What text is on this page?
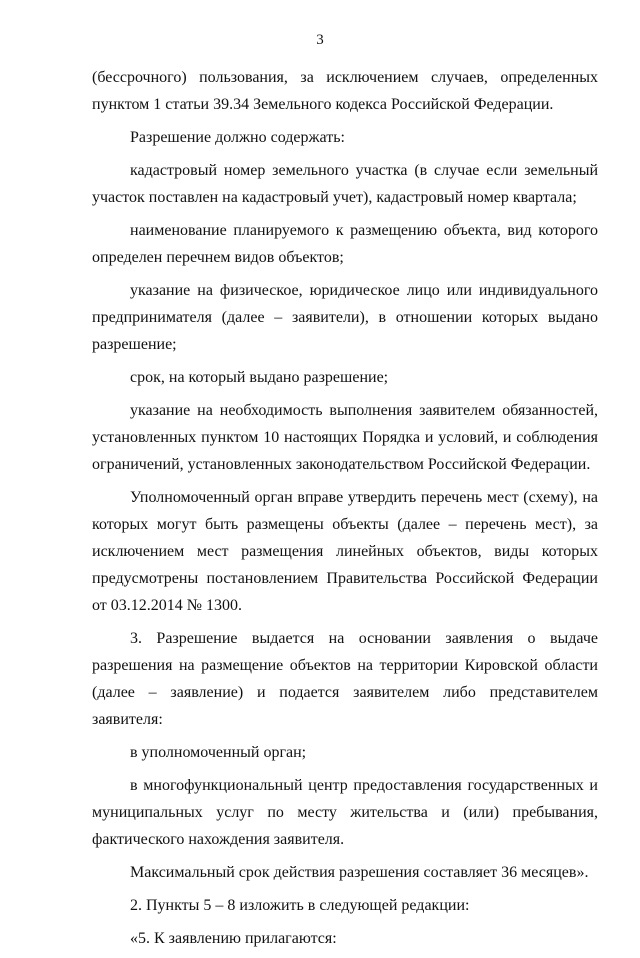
3

(бессрочного) пользования, за исключением случаев, определенных пунктом 1 статьи 39.34 Земельного кодекса Российской Федерации.

Разрешение должно содержать:

кадастровый номер земельного участка (в случае если земельный участок поставлен на кадастровый учет), кадастровый номер квартала;

наименование планируемого к размещению объекта, вид которого определен перечнем видов объектов;

указание на физическое, юридическое лицо или индивидуального предпринимателя (далее – заявители), в отношении которых выдано разрешение;

срок, на который выдано разрешение;

указание на необходимость выполнения заявителем обязанностей, установленных пунктом 10 настоящих Порядка и условий, и соблюдения ограничений, установленных законодательством Российской Федерации.

Уполномоченный орган вправе утвердить перечень мест (схему), на которых могут быть размещены объекты (далее – перечень мест), за исключением мест размещения линейных объектов, виды которых предусмотрены постановлением Правительства Российской Федерации от 03.12.2014 № 1300.

3. Разрешение выдается на основании заявления о выдаче разрешения на размещение объектов на территории Кировской области (далее – заявление) и подается заявителем либо представителем заявителя:

в уполномоченный орган;

в многофункциональный центр предоставления государственных и муниципальных услуг по месту жительства и (или) пребывания, фактического нахождения заявителя.

Максимальный срок действия разрешения составляет 36 месяцев».

2. Пункты 5 – 8 изложить в следующей редакции:

«5. К заявлению прилагаются:
